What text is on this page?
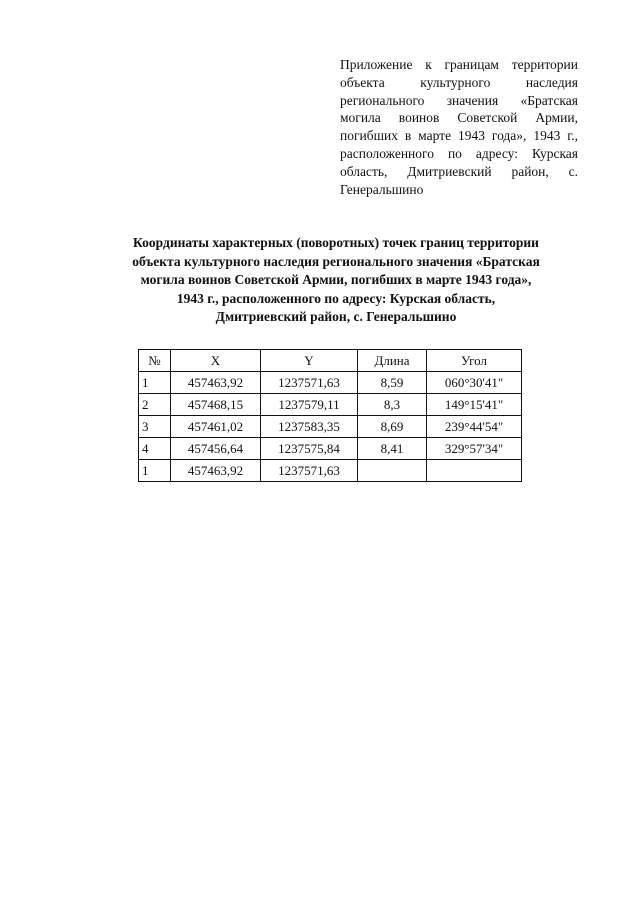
Приложение к границам территории объекта культурного наследия регионального значения «Братская могила воинов Советской Армии, погибших в марте 1943 года», 1943 г., расположенного по адресу: Курская область, Дмитриевский район, с. Генеральшино
Координаты характерных (поворотных) точек границ территории
объекта культурного наследия регионального значения «Братская
могила воинов Советской Армии, погибших в марте 1943 года»,
1943 г., расположенного по адресу: Курская область,
Дмитриевский район, с. Генеральшино
№	X	Y	Длина	Угол
1	457463,92	1237571,63	8,59	060°30'41"
2	457468,15	1237579,11	8,3	149°15'41"
3	457461,02	1237583,35	8,69	239°44'54"
4	457456,64	1237575,84	8,41	329°57'34"
1	457463,92	1237571,63		
